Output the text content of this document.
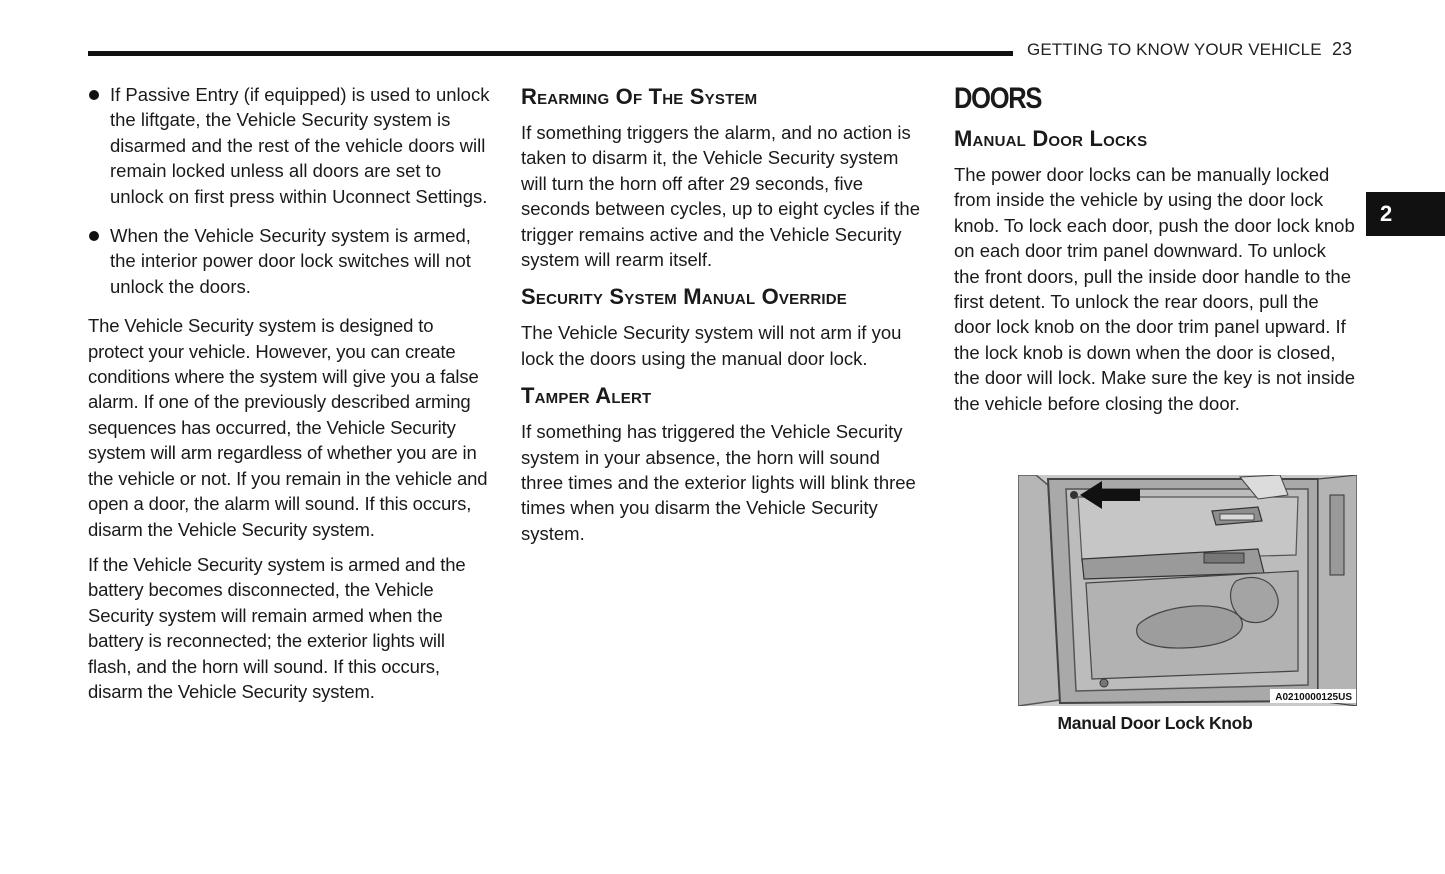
GETTING TO KNOW YOUR VEHICLE 23
2
If Passive Entry (if equipped) is used to unlock the liftgate, the Vehicle Security system is disarmed and the rest of the vehicle doors will remain locked unless all doors are set to unlock on first press within Uconnect Settings.
When the Vehicle Security system is armed, the interior power door lock switches will not unlock the doors.

The Vehicle Security system is designed to protect your vehicle. However, you can create conditions where the system will give you a false alarm. If one of the previously described arming sequences has occurred, the Vehicle Security system will arm regardless of whether you are in the vehicle or not. If you remain in the vehicle and open a door, the alarm will sound. If this occurs, disarm the Vehicle Security system.

If the Vehicle Security system is armed and the battery becomes disconnected, the Vehicle Security system will remain armed when the battery is reconnected; the exterior lights will flash, and the horn will sound. If this occurs, disarm the Vehicle Security system.

Rearming Of The System

If something triggers the alarm, and no action is taken to disarm it, the Vehicle Security system will turn the horn off after 29 seconds, five seconds between cycles, up to eight cycles if the trigger remains active and the Vehicle Security system will rearm itself.

Security System Manual Override

The Vehicle Security system will not arm if you lock the doors using the manual door lock.

Tamper Alert

If something has triggered the Vehicle Security system in your absence, the horn will sound three times and the exterior lights will blink three times when you disarm the Vehicle Security system.

DOORS
Manual Door Locks

The power door locks can be manually locked from inside the vehicle by using the door lock knob. To lock each door, push the door lock knob on each door trim panel downward. To unlock the front doors, pull the inside door handle to the first detent. To unlock the rear doors, pull the door lock knob on the door trim panel upward. If the lock knob is down when the door is closed, the door will lock. Make sure the key is not inside the vehicle before closing the door.

A0210000125US
Manual Door Lock Knob
